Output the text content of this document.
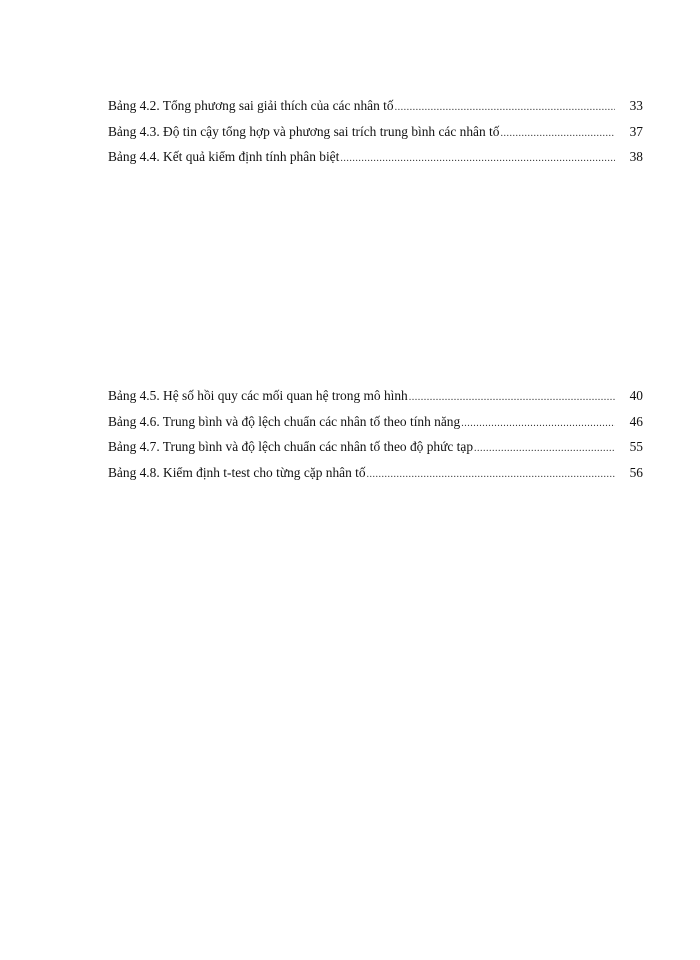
Bảng 4.2. Tổng phương sai giải thích của các nhân tố .....	33
Bảng 4.3. Độ tin cậy tổng hợp và phương sai trích trung bình các nhân tố .....	37
Bảng 4.4. Kết quả kiểm định tính phân biệt .....	38
Bảng 4.5. Hệ số hồi quy các mối quan hệ trong mô hình .....	40
Bảng 4.6. Trung bình và độ lệch chuẩn các nhân tố theo tính năng .....	46
Bảng 4.7. Trung bình và độ lệch chuẩn các nhân tố theo độ phức tạp .....	55
Bảng 4.8. Kiểm định t-test cho từng cặp nhân tố .....	56
